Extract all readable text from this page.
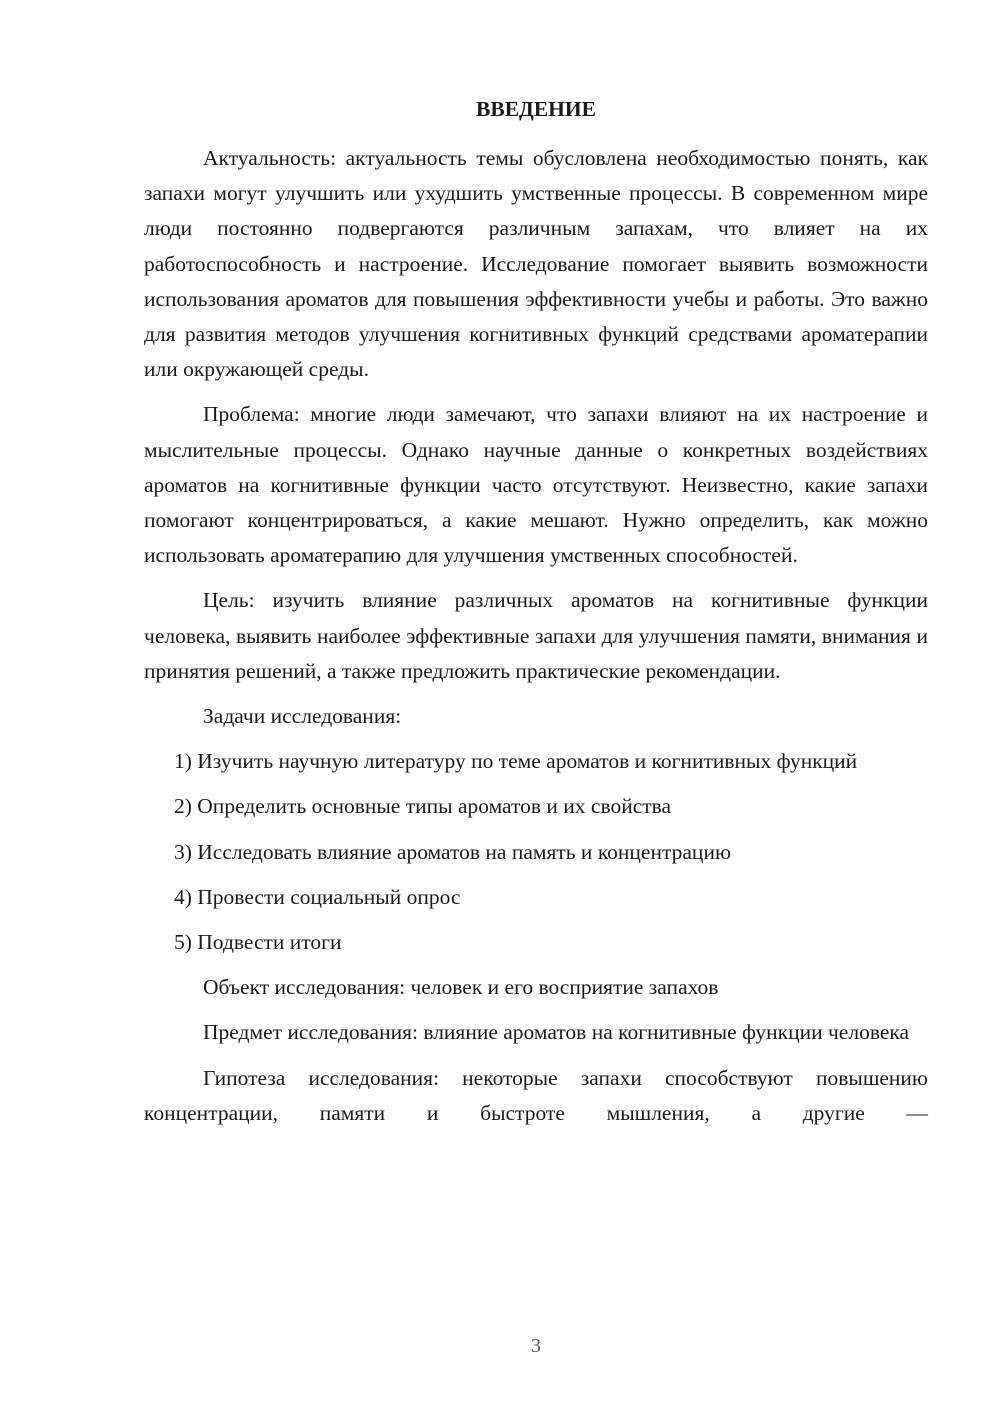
ВВЕДЕНИЕ

Актуальность: актуальность темы обусловлена необходимостью понять, как запахи могут улучшить или ухудшить умственные процессы. В современном мире люди постоянно подвергаются различным запахам, что влияет на их работоспособность и настроение. Исследование помогает выявить возможности использования ароматов для повышения эффективности учебы и работы. Это важно для развития методов улучшения когнитивных функций средствами ароматерапии или окружающей среды.

Проблема: многие люди замечают, что запахи влияют на их настроение и мыслительные процессы. Однако научные данные о конкретных воздействиях ароматов на когнитивные функции часто отсутствуют. Неизвестно, какие запахи помогают концентрироваться, а какие мешают. Нужно определить, как можно использовать ароматерапию для улучшения умственных способностей.

Цель: изучить влияние различных ароматов на когнитивные функции человека, выявить наиболее эффективные запахи для улучшения памяти, внимания и принятия решений, а также предложить практические рекомендации.

Задачи исследования:

1) Изучить научную литературу по теме ароматов и когнитивных функций

2) Определить основные типы ароматов и их свойства

3) Исследовать влияние ароматов на память и концентрацию

4) Провести социальный опрос

5) Подвести итоги

Объект исследования: человек и его восприятие запахов

Предмет исследования: влияние ароматов на когнитивные функции человека

Гипотеза исследования: некоторые запахи способствуют повышению концентрации, памяти и быстроте мышления, а другие —

3
